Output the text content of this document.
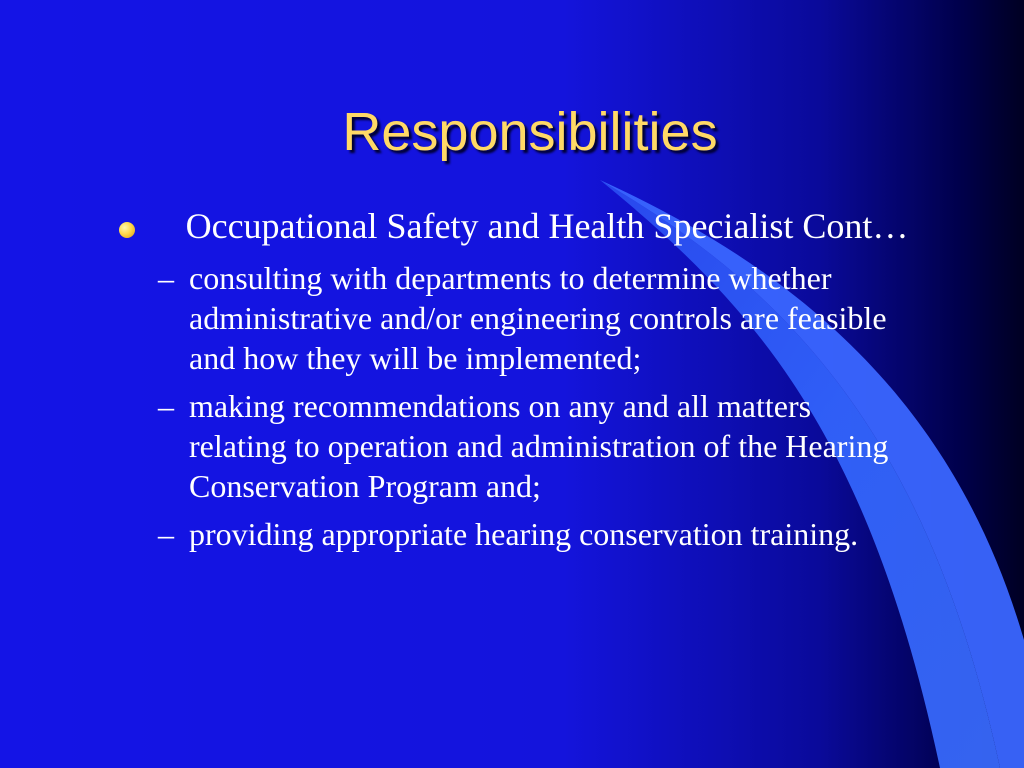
Responsibilities
Occupational Safety and Health Specialist Cont…
– consulting with departments to determine whether administrative and/or engineering controls are feasible and how they will be implemented;
– making recommendations on any and all matters relating to operation and administration of the Hearing Conservation Program and;
– providing appropriate hearing conservation training.
